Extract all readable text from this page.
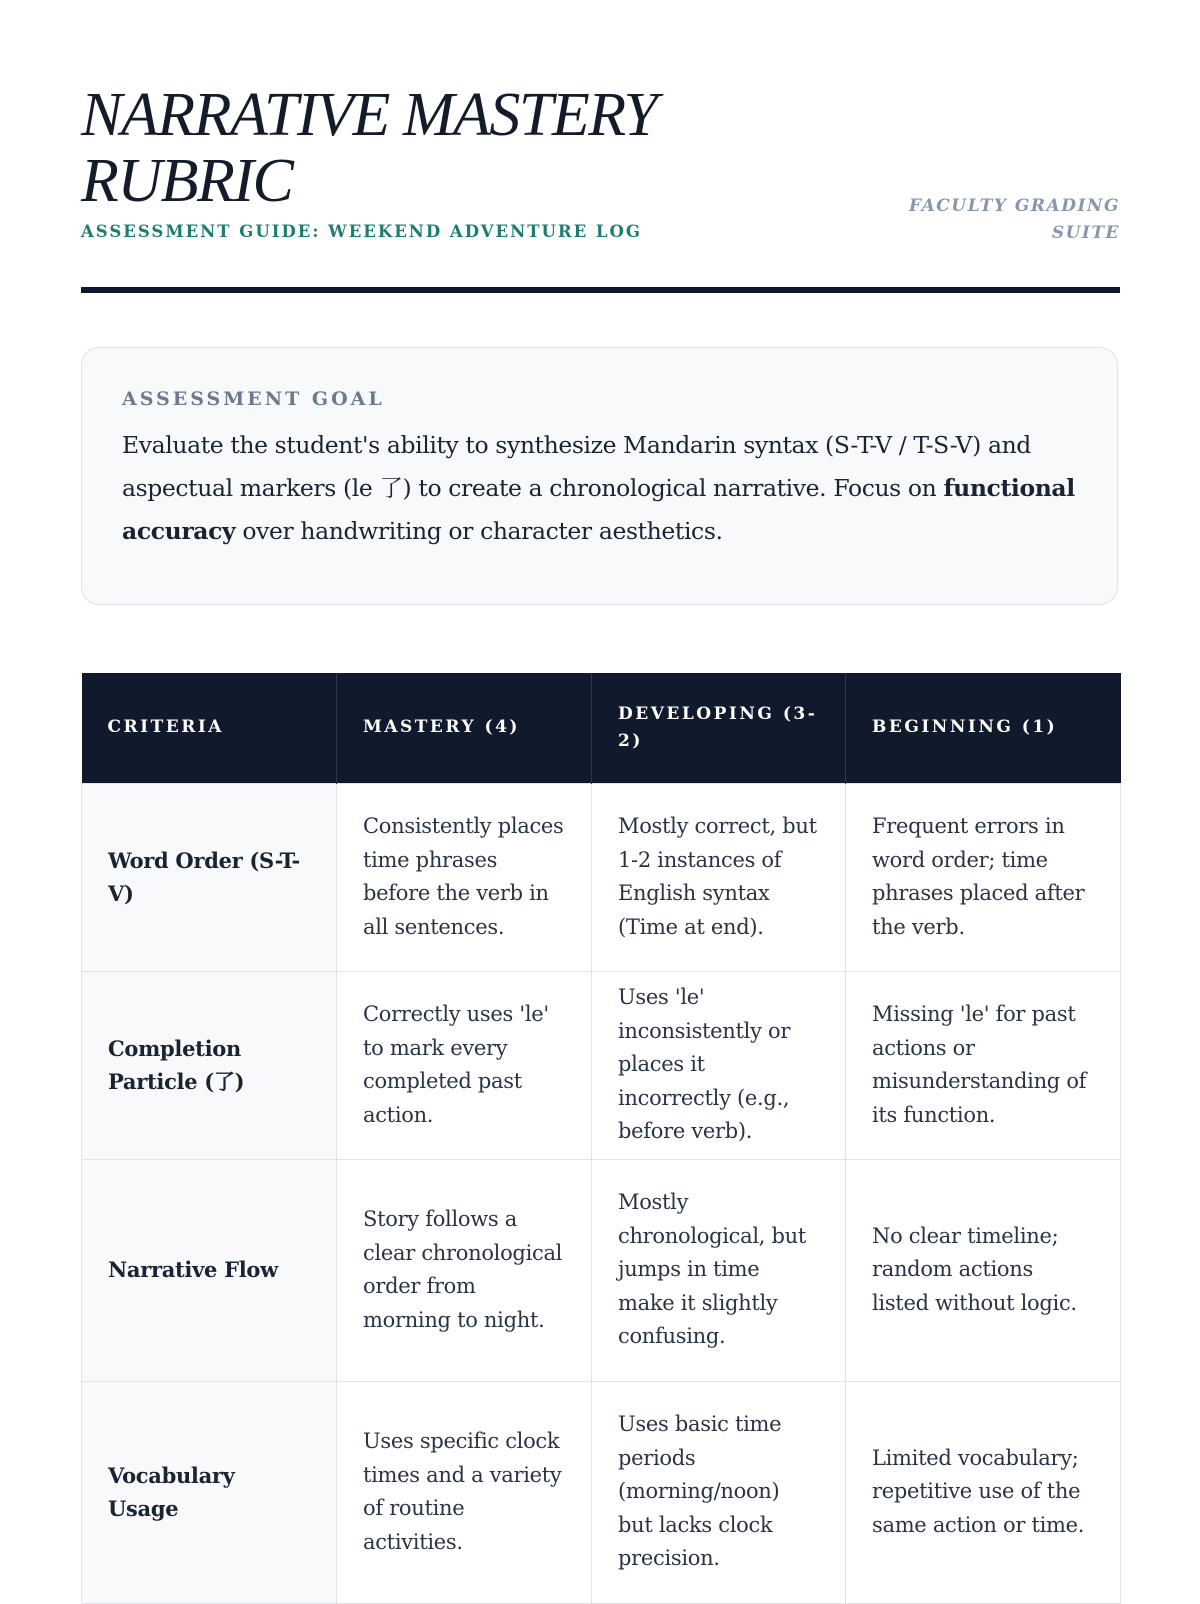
NARRATIVE MASTERY RUBRIC
ASSESSMENT GUIDE: WEEKEND ADVENTURE LOG
FACULTY GRADING SUITE
ASSESSMENT GOAL

Evaluate the student's ability to synthesize Mandarin syntax (S-T-V / T-S-V) and aspectual markers (le 了) to create a chronological narrative. Focus on functional accuracy over handwriting or character aesthetics.

CRITERIA	MASTERY (4)	DEVELOPING (3-2)	BEGINNING (1)
Word Order (S-T-V)	Consistently places time phrases before the verb in all sentences.	Mostly correct, but 1-2 instances of English syntax (Time at end).	Frequent errors in word order; time phrases placed after the verb.
Completion Particle (了)	Correctly uses 'le' to mark every completed past action.	Uses 'le' inconsistently or places it incorrectly (e.g., before verb).	Missing 'le' for past actions or misunderstanding of its function.
Narrative Flow	Story follows a clear chronological order from morning to night.	Mostly chronological, but jumps in time make it slightly confusing.	No clear timeline; random actions listed without logic.
Vocabulary Usage	Uses specific clock times and a variety of routine activities.	Uses basic time periods (morning/noon) but lacks clock precision.	Limited vocabulary; repetitive use of the same action or time.
